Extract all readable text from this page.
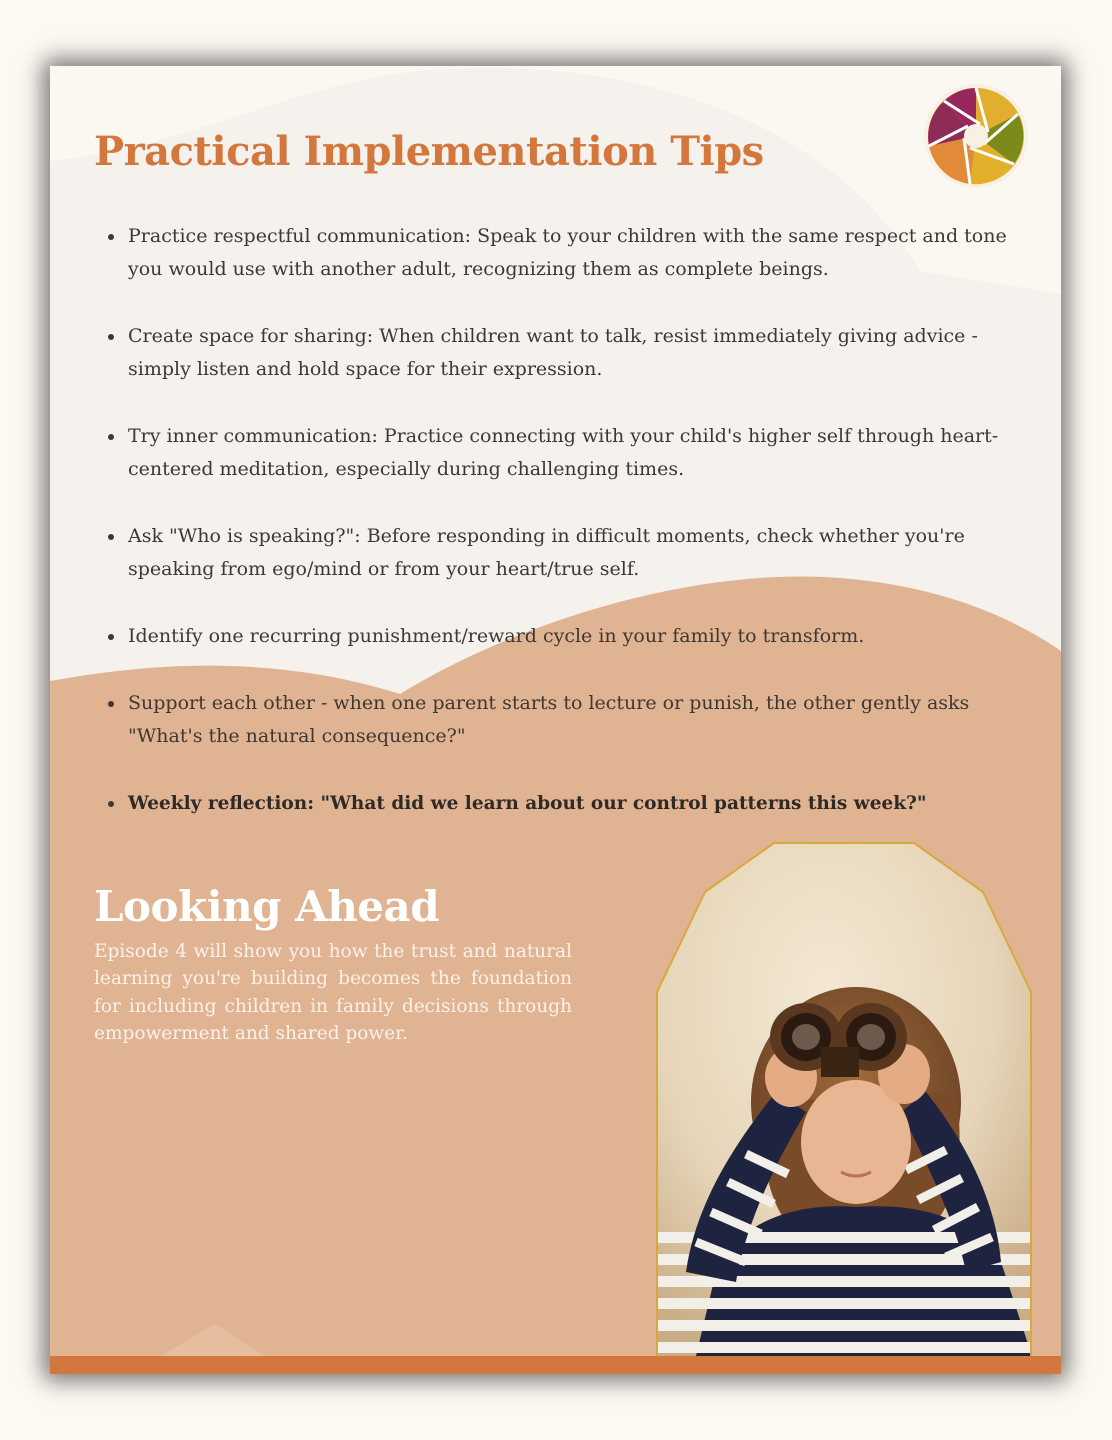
Practical Implementation Tips
Practice respectful communication: Speak to your children with the same respect and tone you would use with another adult, recognizing them as complete beings.
Create space for sharing: When children want to talk, resist immediately giving advice - simply listen and hold space for their expression.
Try inner communication: Practice connecting with your child's higher self through heart-centered meditation, especially during challenging times.
Ask "Who is speaking?": Before responding in difficult moments, check whether you're speaking from ego/mind or from your heart/true self.
Identify one recurring punishment/reward cycle in your family to transform.
Support each other - when one parent starts to lecture or punish, the other gently asks "What's the natural consequence?"
Weekly reflection: "What did we learn about our control patterns this week?"
Looking Ahead

Episode 4 will show you how the trust and natural learning you're building becomes the foundation for including children in family decisions through empowerment and shared power.
